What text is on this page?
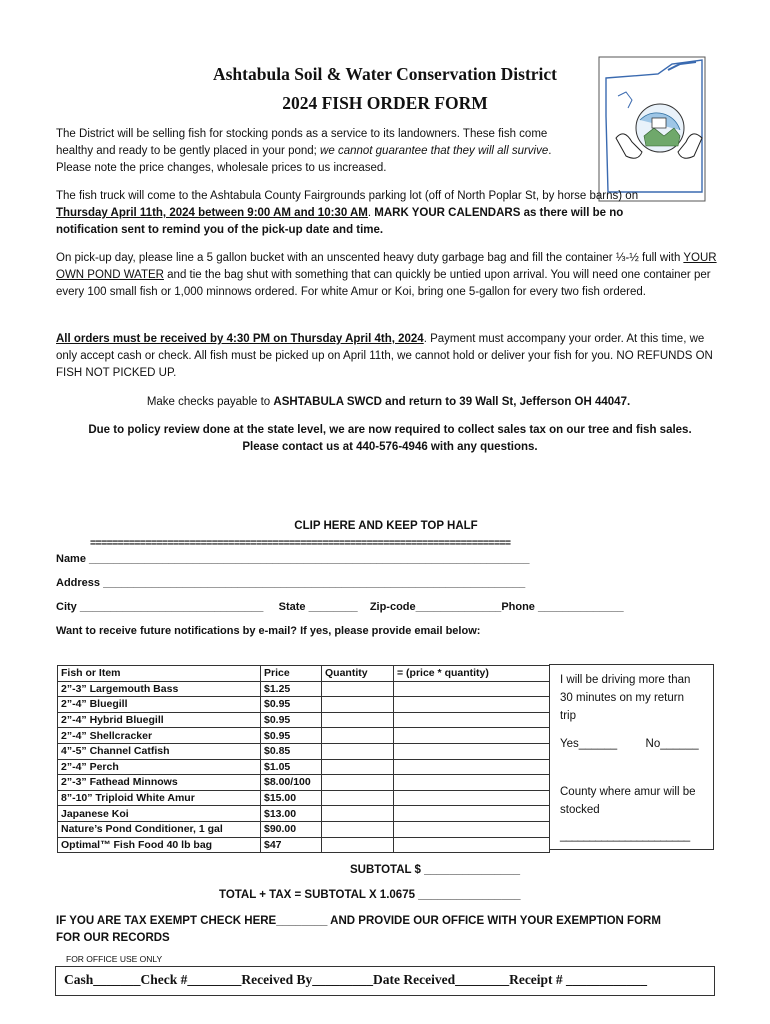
Ashtabula Soil & Water Conservation District
2024 FISH ORDER FORM

The District will be selling fish for stocking ponds as a service to its landowners. These fish come healthy and ready to be gently placed in your pond; we cannot guarantee that they will all survive. Please note the price changes, wholesale prices to us increased.

The fish truck will come to the Ashtabula County Fairgrounds parking lot (off of North Poplar St, by horse barns) on Thursday April 11th, 2024 between 9:00 AM and 10:30 AM. MARK YOUR CALENDARS as there will be no notification sent to remind you of the pick-up date and time.

On pick-up day, please line a 5 gallon bucket with an unscented heavy duty garbage bag and fill the container ⅓-½ full with YOUR OWN POND WATER and tie the bag shut with something that can quickly be untied upon arrival. You will need one container per every 100 small fish or 1,000 minnows ordered. For white Amur or Koi, bring one 5-gallon for every two fish ordered.

All orders must be received by 4:30 PM on Thursday April 4th, 2024. Payment must accompany your order. At this time, we only accept cash or check. All fish must be picked up on April 11th, we cannot hold or deliver your fish for you. NO REFUNDS ON FISH NOT PICKED UP.

Make checks payable to ASHTABULA SWCD and return to 39 Wall St, Jefferson OH 44047.

Due to policy review done at the state level, we are now required to collect sales tax on our tree and fish sales.

Please contact us at 440-576-4946 with any questions.

CLIP HERE AND KEEP TOP HALF
============================================================================
Name ________________________________________________________________________
Address _____________________________________________________________________
City ______________________________ State ________ Zip-code______________Phone ______________
Want to receive future notifications by e-mail? If yes, please provide email below:
Fish or Item	Price	Quantity	= (price * quantity)
2”-3” Largemouth Bass	$1.25		
2”-4” Bluegill	$0.95		
2”-4” Hybrid Bluegill	$0.95		
2”-4” Shellcracker	$0.95		
4”-5” Channel Catfish	$0.85		
2”-4” Perch	$1.05		
2”-3” Fathead Minnows	$8.00/100		
8”-10” Triploid White Amur	$15.00		
Japanese Koi	$13.00		
Nature’s Pond Conditioner, 1 gal	$90.00		
Optimal™ Fish Food 40 lb bag	$47		
I will be driving more than 30 minutes on my return trip
Yes______ No______
County where amur will be stocked
______________________
SUBTOTAL $ _______________
TOTAL + TAX = SUBTOTAL X 1.0675 ________________
IF YOU ARE TAX EXEMPT CHECK HERE________ AND PROVIDE OUR OFFICE WITH YOUR EXEMPTION FORM
FOR OUR RECORDS
FOR OFFICE USE ONLY
Cash_______Check #________Received By_________Date Received________Receipt # ____________
